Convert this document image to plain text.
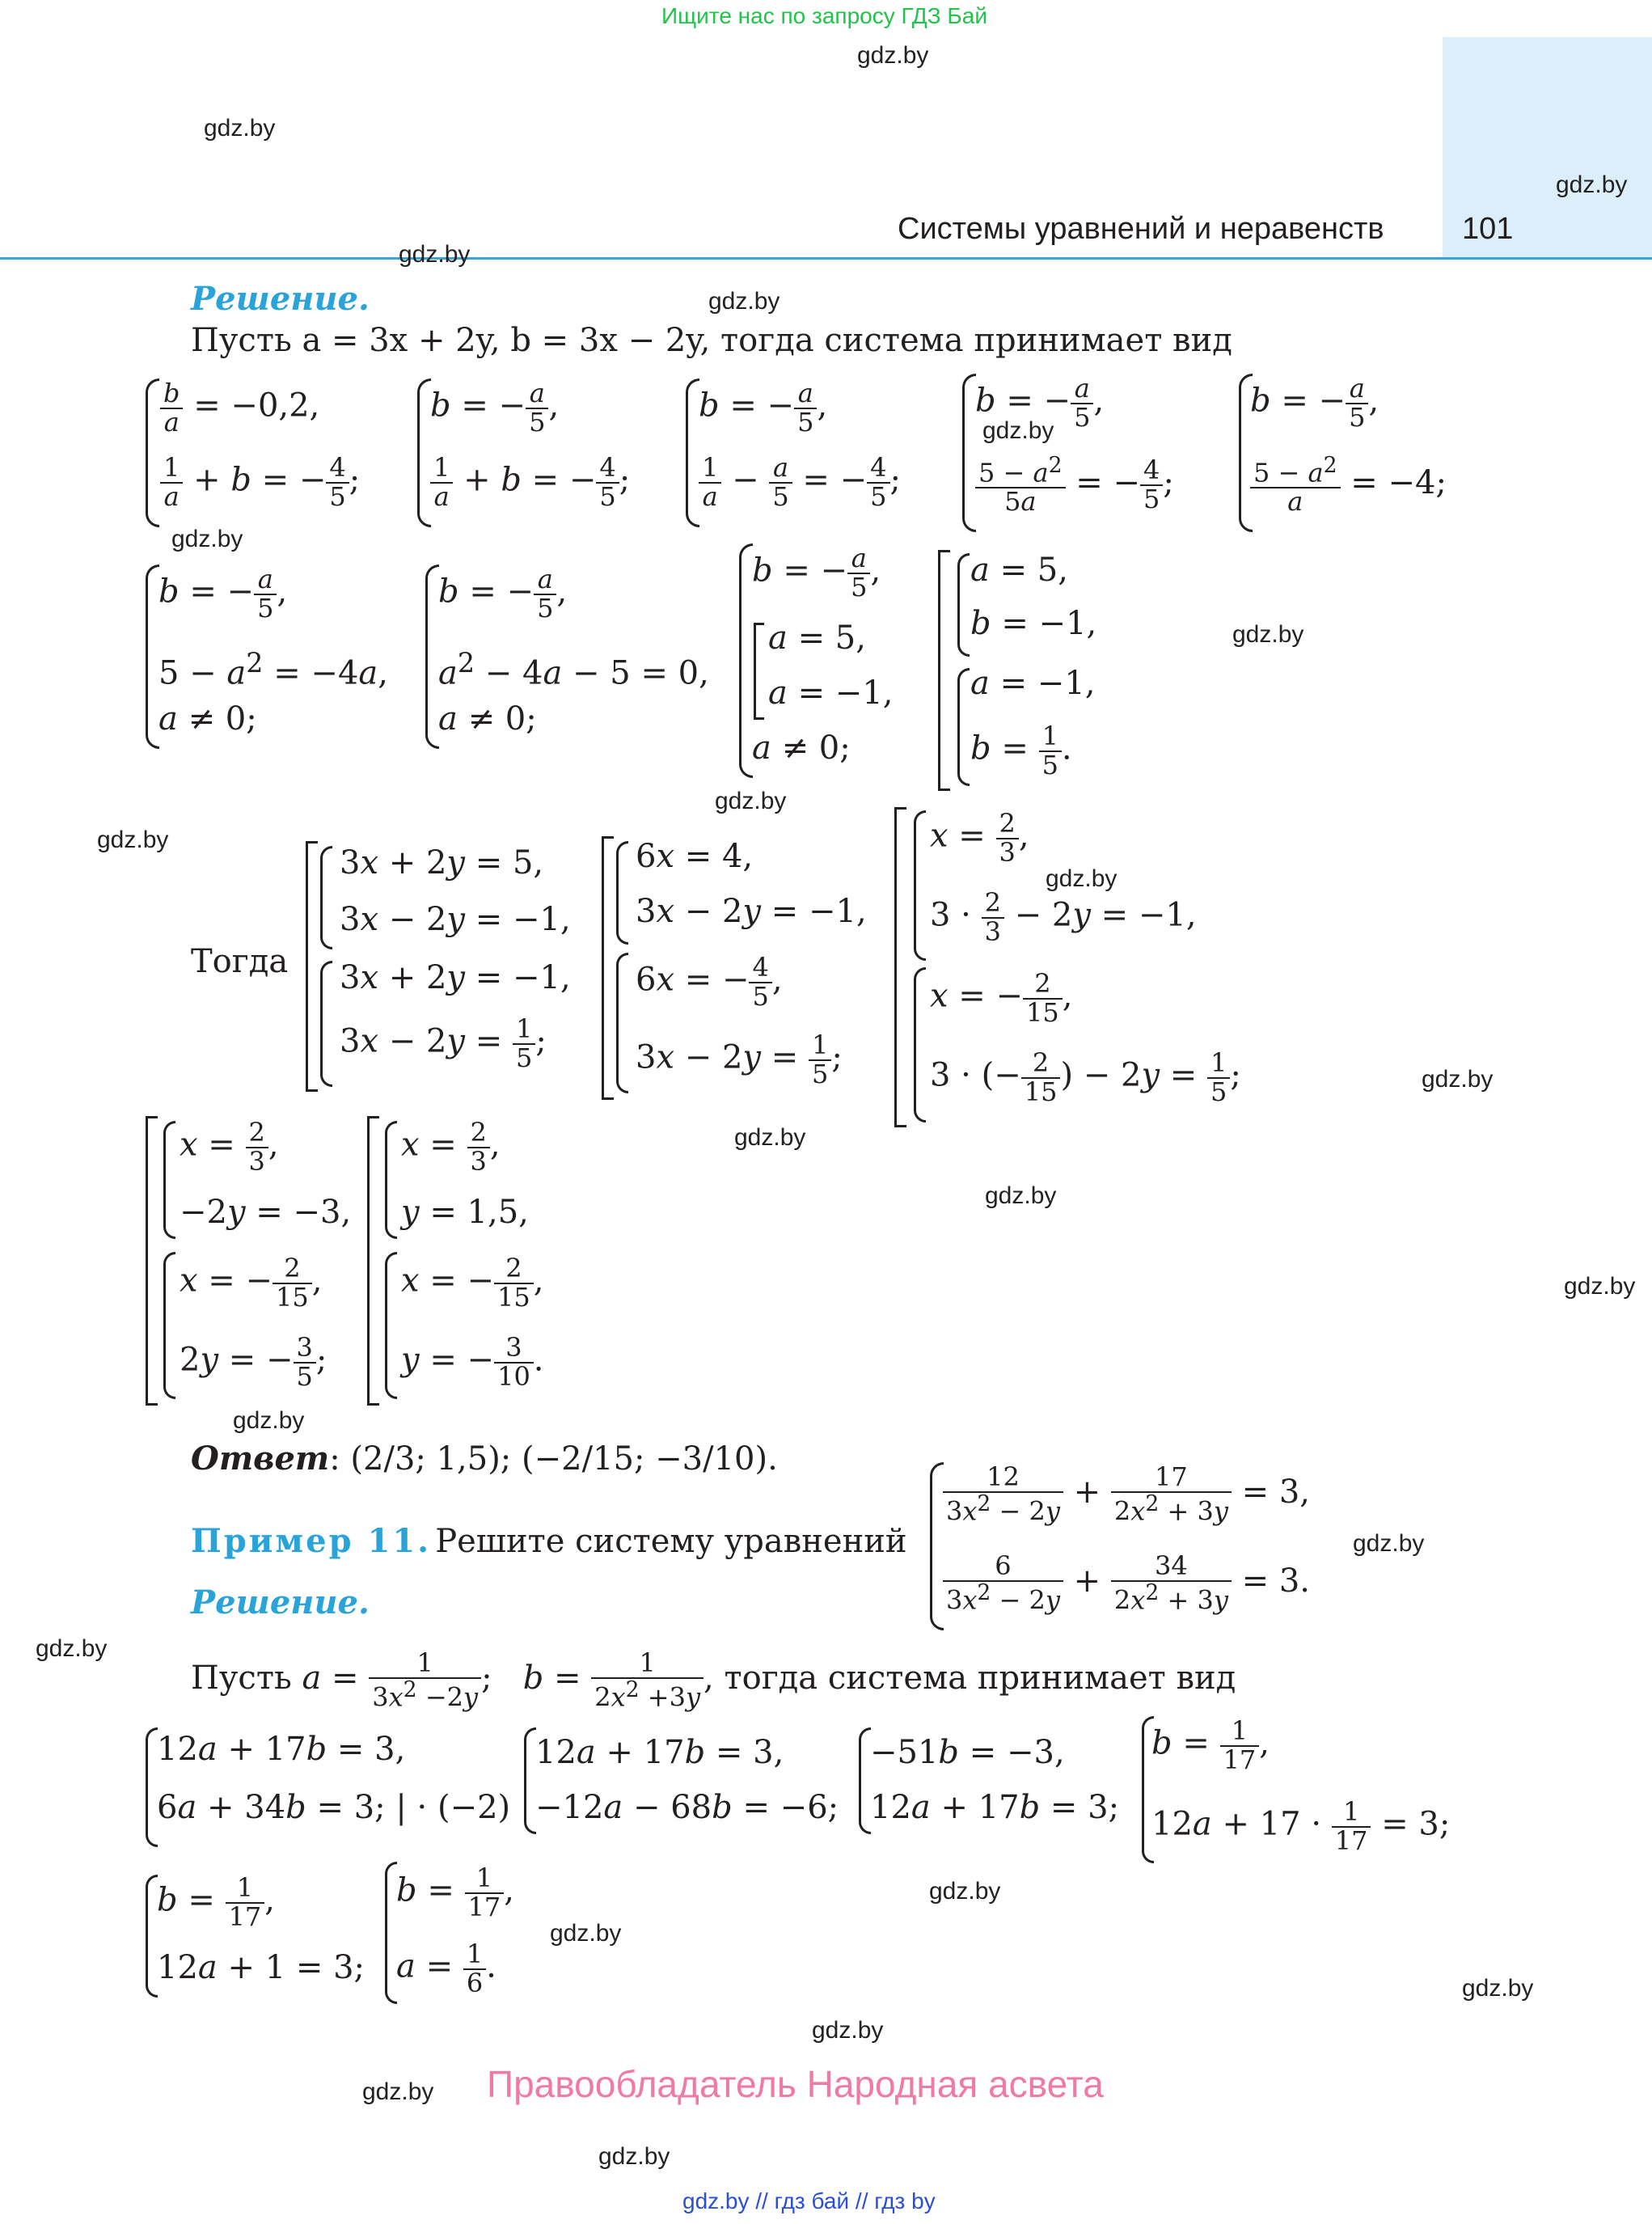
Ищите нас по запросу ГДЗ Бай
Системы уравнений и неравенств	101
gdz.by
gdz.by
gdz.by
gdz.by
gdz.by
gdz.by
gdz.by
gdz.by
gdz.by
gdz.by
gdz.by
gdz.by
gdz.by
gdz.by
gdz.by
gdz.by
gdz.by
gdz.by
gdz.by
gdz.by
gdz.by
gdz.by
gdz.by
gdz.by
Решение.
Пусть a = 3x + 2y, b = 3x − 2y, тогда система принимает вид
$\frac{b}{a} = -0,2$,
$\frac{1}{a} + b$ = − $\frac{4}{5}$ ;
b = − $\frac{a}{5}$ ,
$\frac{1}{a} + b$ = − $\frac{4}{5}$ ;
b = − $\frac{a}{5}$ ,
$\frac{1}{a} - \frac{a}{5}$ = − $\frac{4}{5}$ ;
b = − $\frac{a}{5}$ ,
$\frac{5 - a^2}{5a}$ = − $\frac{4}{5}$ ;
b = − $\frac{a}{5}$ ,
$\frac{5 - a^2}{a} = -4$;
b = − $\frac{a}{5}$ ,
$5 - a^2 = -4a$,
a ≠ 0;
b = − $\frac{a}{5}$ ,
$a^2 - 4a - 5 = 0$,
a ≠ 0;
b = − $\frac{a}{5}$ ,
a = 5,
a = −1,
a ≠ 0;
a = 5,
b = −1,
a = −1,
$b = \frac{1}{5}$ .
Тогда
3x + 2y = 5,
3x − 2y = −1,
3x + 2y = −1,
$3x - 2y = \frac{1}{5}$ ;
6x = 4,
3x − 2y = −1,
6x = − $\frac{4}{5}$ ,
$3x - 2y = \frac{1}{5}$ ;
$x = \frac{2}{3}$ ,
$3 \cdot \frac{2}{3} - 2y = -1$,
x = − $\frac{2}{15}$ ,
3 · (− $\frac{2}{15}$ ) − $2y = \frac{1}{5}$ ;
$x = \frac{2}{3}$ ,
−2y = −3,
x = − $\frac{2}{15}$ ,
2y = − $\frac{3}{5}$ ;
$x = \frac{2}{3}$ ,
y = 1,5,
x = − $\frac{2}{15}$ ,
y = − $\frac{3}{10}$ .
Ответ: (2/3; 1,5); (−2/15; −3/10).
Пример 11. Решите систему уравнений
$\frac{12}{3x^2 - 2y} + \frac{17}{2x^2 + 3y} = 3$,
$\frac{6}{3x^2 - 2y} + \frac{34}{2x^2 + 3y} = 3$.
Решение.
Пусть $a = \frac{1}{3x^2 -2y}$ ;   $b = \frac{1}{2x^2 +3y}$ , тогда система принимает вид
12a + 17b = 3,
6a + 34b = 3; | · (−2)
12a + 17b = 3,
−12a − 68b = −6;
−51b = −3,
12a + 17b = 3;
$b = \frac{1}{17}$ ,
$12a + 17 \cdot \frac{1}{17} = 3$;
$b = \frac{1}{17}$ ,
12a + 1 = 3;
$b = \frac{1}{17}$ ,
$a = \frac{1}{6}$ .
Правообладатель Народная асвета
gdz.by // гдз бай // гдз by
